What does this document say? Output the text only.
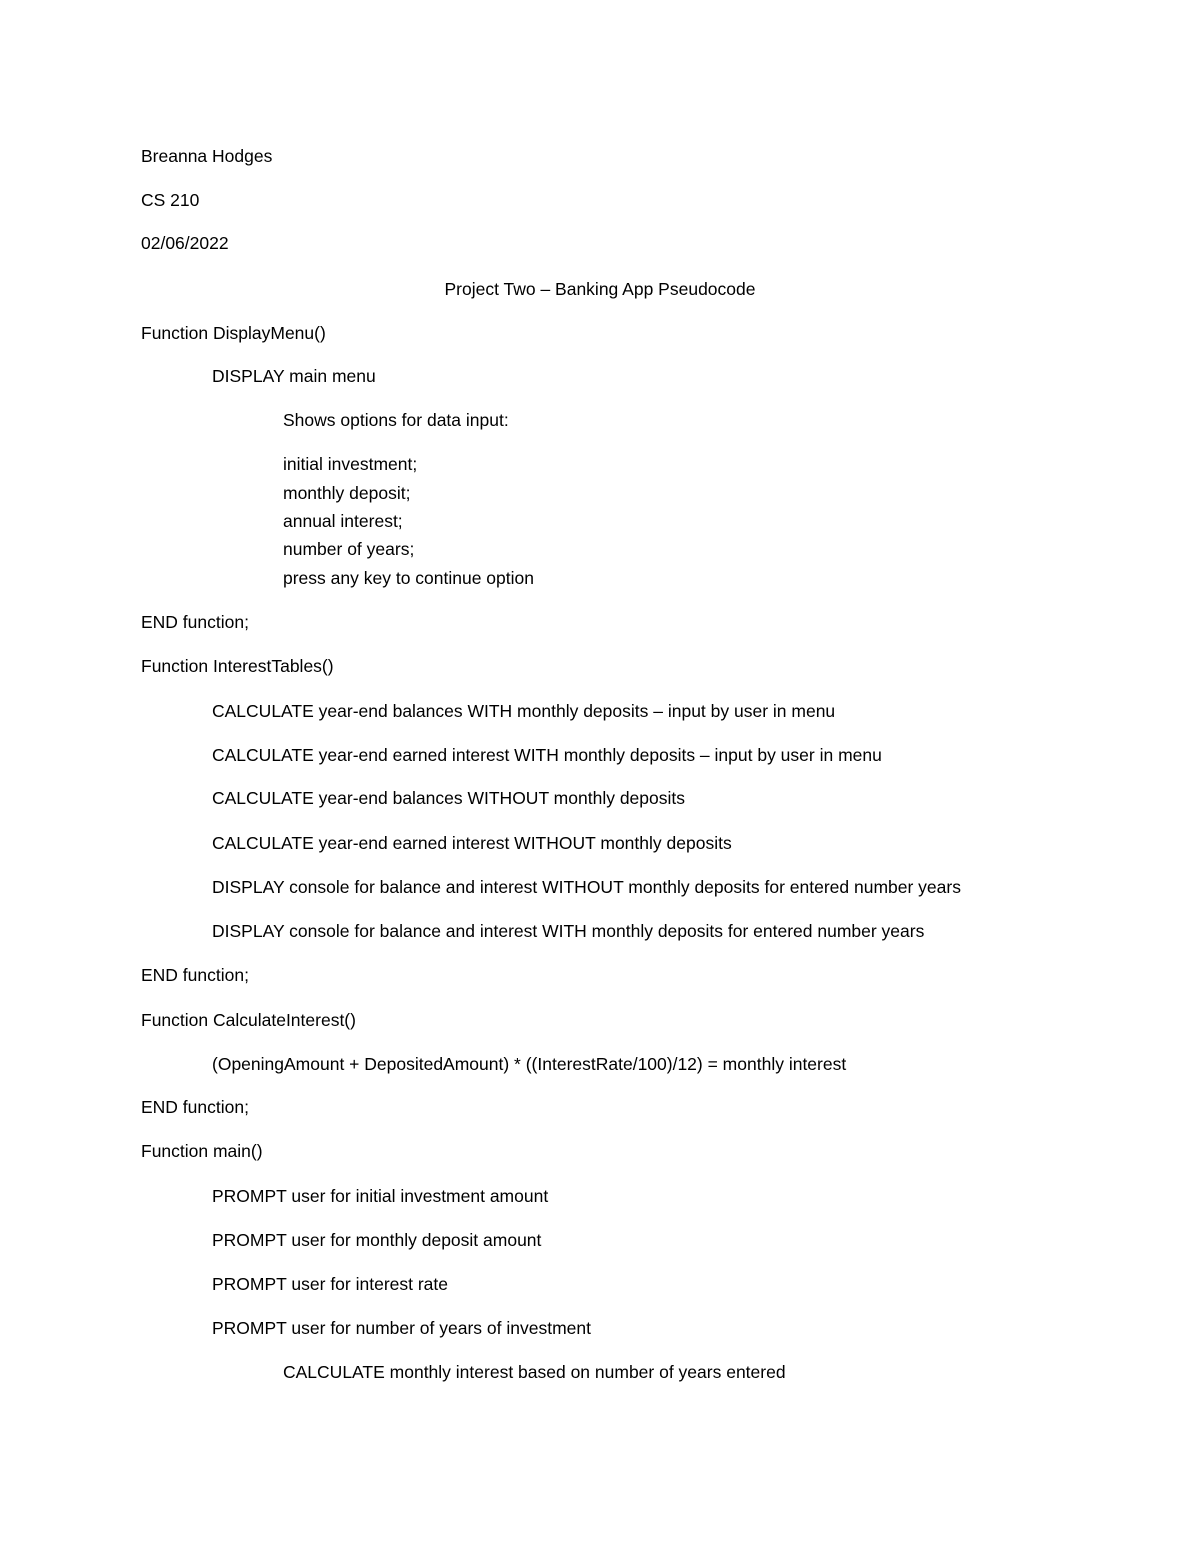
Breanna Hodges
CS 210
02/06/2022
Project Two – Banking App Pseudocode
Function DisplayMenu()
DISPLAY main menu
Shows options for data input:
initial investment;
monthly deposit;
annual interest;
number of years;
press any key to continue option
END function;
Function InterestTables()
CALCULATE year-end balances WITH monthly deposits – input by user in menu
CALCULATE year-end earned interest WITH monthly deposits – input by user in menu
CALCULATE year-end balances WITHOUT monthly deposits
CALCULATE year-end earned interest WITHOUT monthly deposits
DISPLAY console for balance and interest WITHOUT monthly deposits for entered number years
DISPLAY console for balance and interest WITH monthly deposits for entered number years
END function;
Function CalculateInterest()
(OpeningAmount + DepositedAmount) * ((InterestRate/100)/12) = monthly interest
END function;
Function main()
PROMPT user for initial investment amount
PROMPT user for monthly deposit amount
PROMPT user for interest rate
PROMPT user for number of years of investment
CALCULATE monthly interest based on number of years entered
